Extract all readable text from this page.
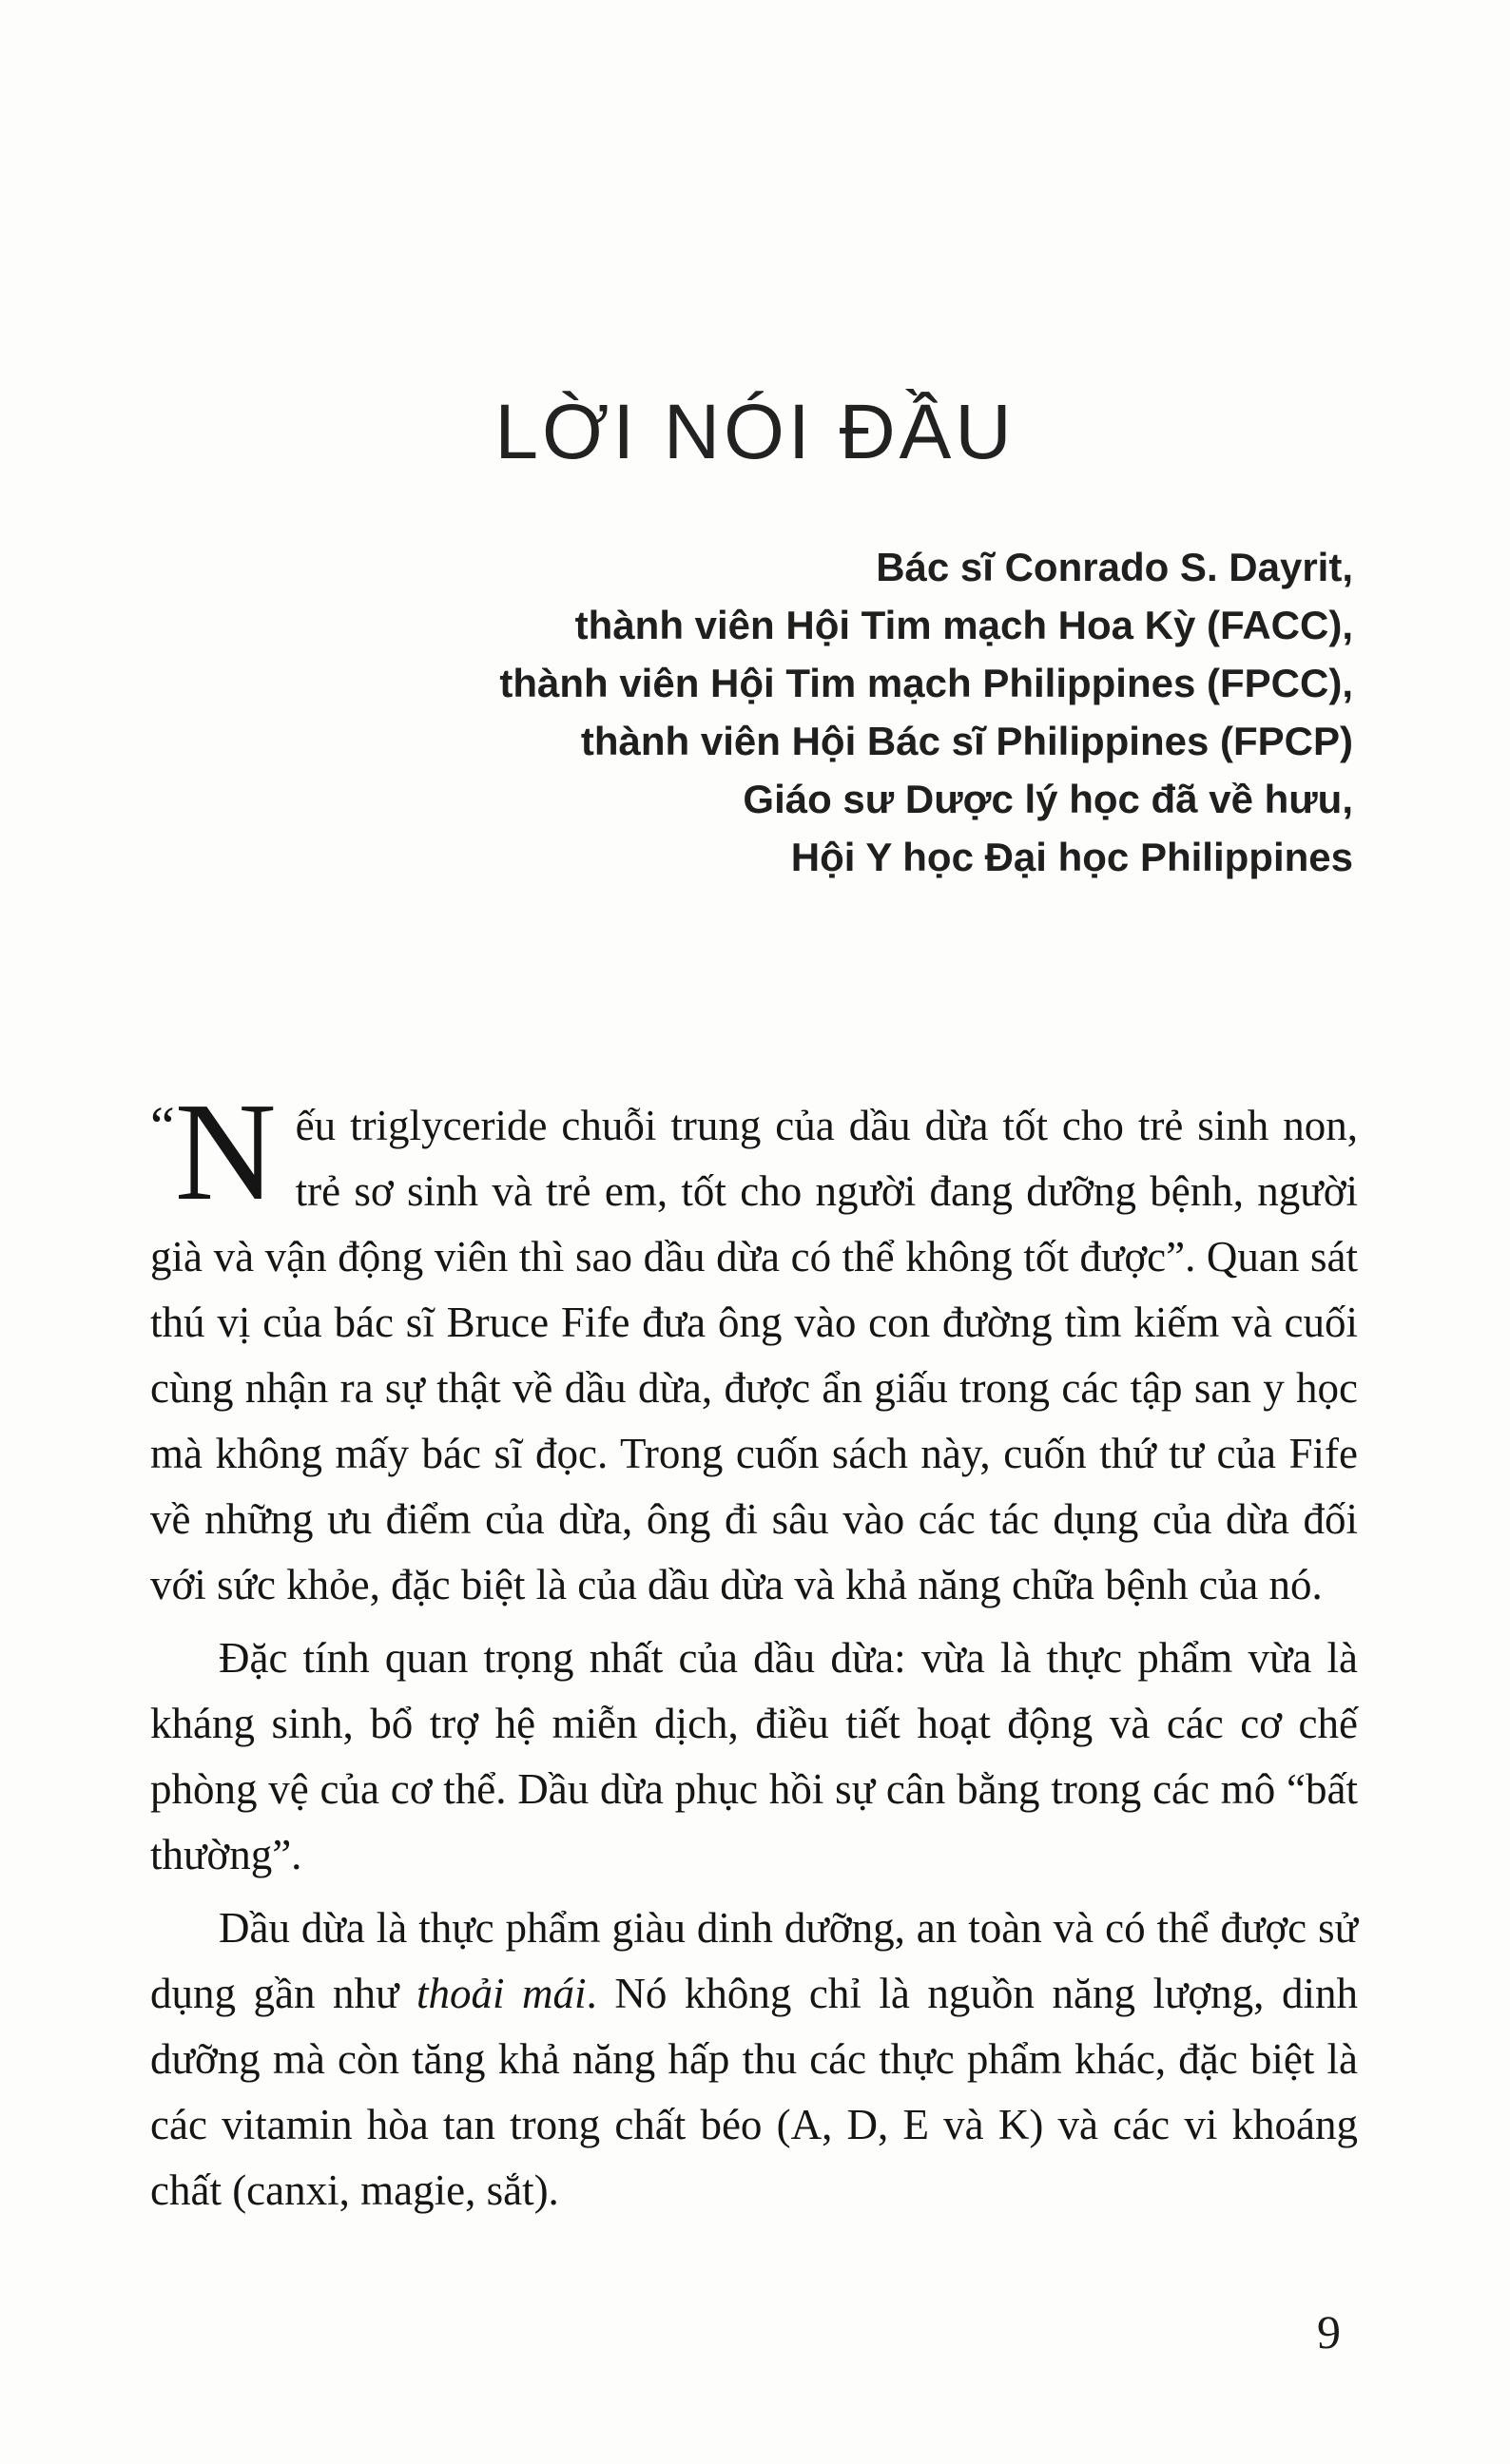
LỜI NÓI ĐẦU
Bác sĩ Conrado S. Dayrit,
thành viên Hội Tim mạch Hoa Kỳ (FACC),
thành viên Hội Tim mạch Philippines (FPCC),
thành viên Hội Bác sĩ Philippines (FPCP)
Giáo sư Dược lý học đã về hưu,
Hội Y học Đại học Philippines

“N ếu triglyceride chuỗi trung của dầu dừa tốt cho trẻ sinh non, trẻ sơ sinh và trẻ em, tốt cho người đang dưỡng bệnh, người già và vận động viên thì sao dầu dừa có thể không tốt được”. Quan sát thú vị của bác sĩ Bruce Fife đưa ông vào con đường tìm kiếm và cuối cùng nhận ra sự thật về dầu dừa, được ẩn giấu trong các tập san y học mà không mấy bác sĩ đọc. Trong cuốn sách này, cuốn thứ tư của Fife về những ưu điểm của dừa, ông đi sâu vào các tác dụng của dừa đối với sức khỏe, đặc biệt là của dầu dừa và khả năng chữa bệnh của nó.

Đặc tính quan trọng nhất của dầu dừa: vừa là thực phẩm vừa là kháng sinh, bổ trợ hệ miễn dịch, điều tiết hoạt động và các cơ chế phòng vệ của cơ thể. Dầu dừa phục hồi sự cân bằng trong các mô “bất thường”.

Dầu dừa là thực phẩm giàu dinh dưỡng, an toàn và có thể được sử dụng gần như thoải mái. Nó không chỉ là nguồn năng lượng, dinh dưỡng mà còn tăng khả năng hấp thu các thực phẩm khác, đặc biệt là các vitamin hòa tan trong chất béo (A, D, E và K) và các vi khoáng chất (canxi, magie, sắt).

9
